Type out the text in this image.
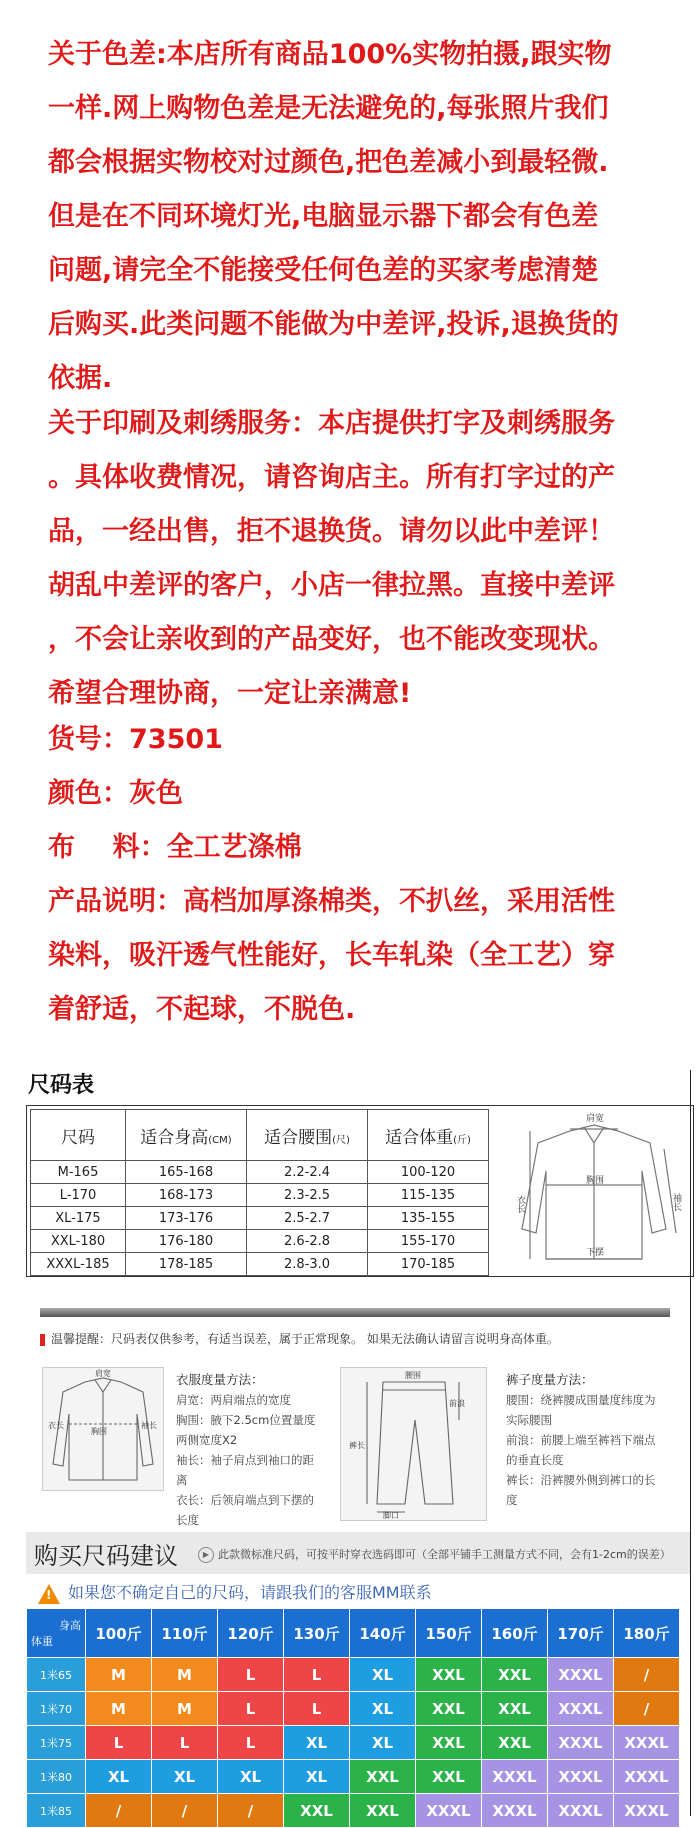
关于色差:本店所有商品100%实物拍摄,跟实物
一样.网上购物色差是无法避免的,每张照片我们
都会根据实物校对过颜色,把色差减小到最轻微.
但是在不同环境灯光,电脑显示器下都会有色差
问题,请完全不能接受任何色差的买家考虑清楚
后购买.此类问题不能做为中差评,投诉,退换货的
依据.
关于印刷及刺绣服务：本店提供打字及刺绣服务
。具体收费情况，请咨询店主。所有打字过的产
品，一经出售，拒不退换货。请勿以此中差评！
胡乱中差评的客户，小店一律拉黑。直接中差评
，不会让亲收到的产品变好，也不能改变现状。
希望合理协商，一定让亲满意!
货号：73501
颜色：灰色
布    料：全工艺涤棉
产品说明：高档加厚涤棉类，不扒丝，采用活性
染料，吸汗透气性能好，长车轧染（全工艺）穿
着舒适，不起球，不脱色.
尺码表
尺码	适合身高(CM)	适合腰围(尺)	适合体重(斤)
M-165	165-168	2.2-2.4	100-120
L-170	168-173	2.3-2.5	115-135
XL-175	173-176	2.5-2.7	135-155
XXL-180	176-180	2.6-2.8	155-170
XXXL-185	178-185	2.8-3.0	170-185
肩宽
胸围
下摆
衣长	袖长
温馨提醒：尺码表仅供参考，有适当误差，属于正常现象。 如果无法确认请留言说明身高体重。
肩宽
衣长
胸围
袖长
衣服度量方法：
肩宽：两肩端点的宽度
胸围：腋下2.5cm位置量度
两侧宽度X2
袖长：袖子肩点到袖口的距
离
衣长：后领肩端点到下摆的
长度
腰围
前浪
裤长
脚口
裤子度量方法：
腰围：绕裤腰成围量度纬度为
实际腰围
前浪：前腰上端至裤裆下端点
的垂直长度
裤长：沿裤腰外侧到裤口的长
度
购买尺码建议	▶ 此款微标准尺码，可按平时穿衣选码即可（全部平铺手工测量方式不同，会有1-2cm的误差）
! 如果您不确定自己的尺码，请跟我们的客服MM联系
身高
体重	100斤	110斤	120斤	130斤	140斤	150斤	160斤	170斤	180斤
1米65	M	M	L	L	XL	XXL	XXL	XXXL	/
1米70	M	M	L	L	XL	XXL	XXL	XXXL	/
1米75	L	L	L	XL	XL	XXL	XXL	XXXL	XXXL
1米80	XL	XL	XL	XL	XXL	XXL	XXXL	XXXL	XXXL
1米85	/	/	/	XXL	XXL	XXXL	XXXL	XXXL	XXXL
